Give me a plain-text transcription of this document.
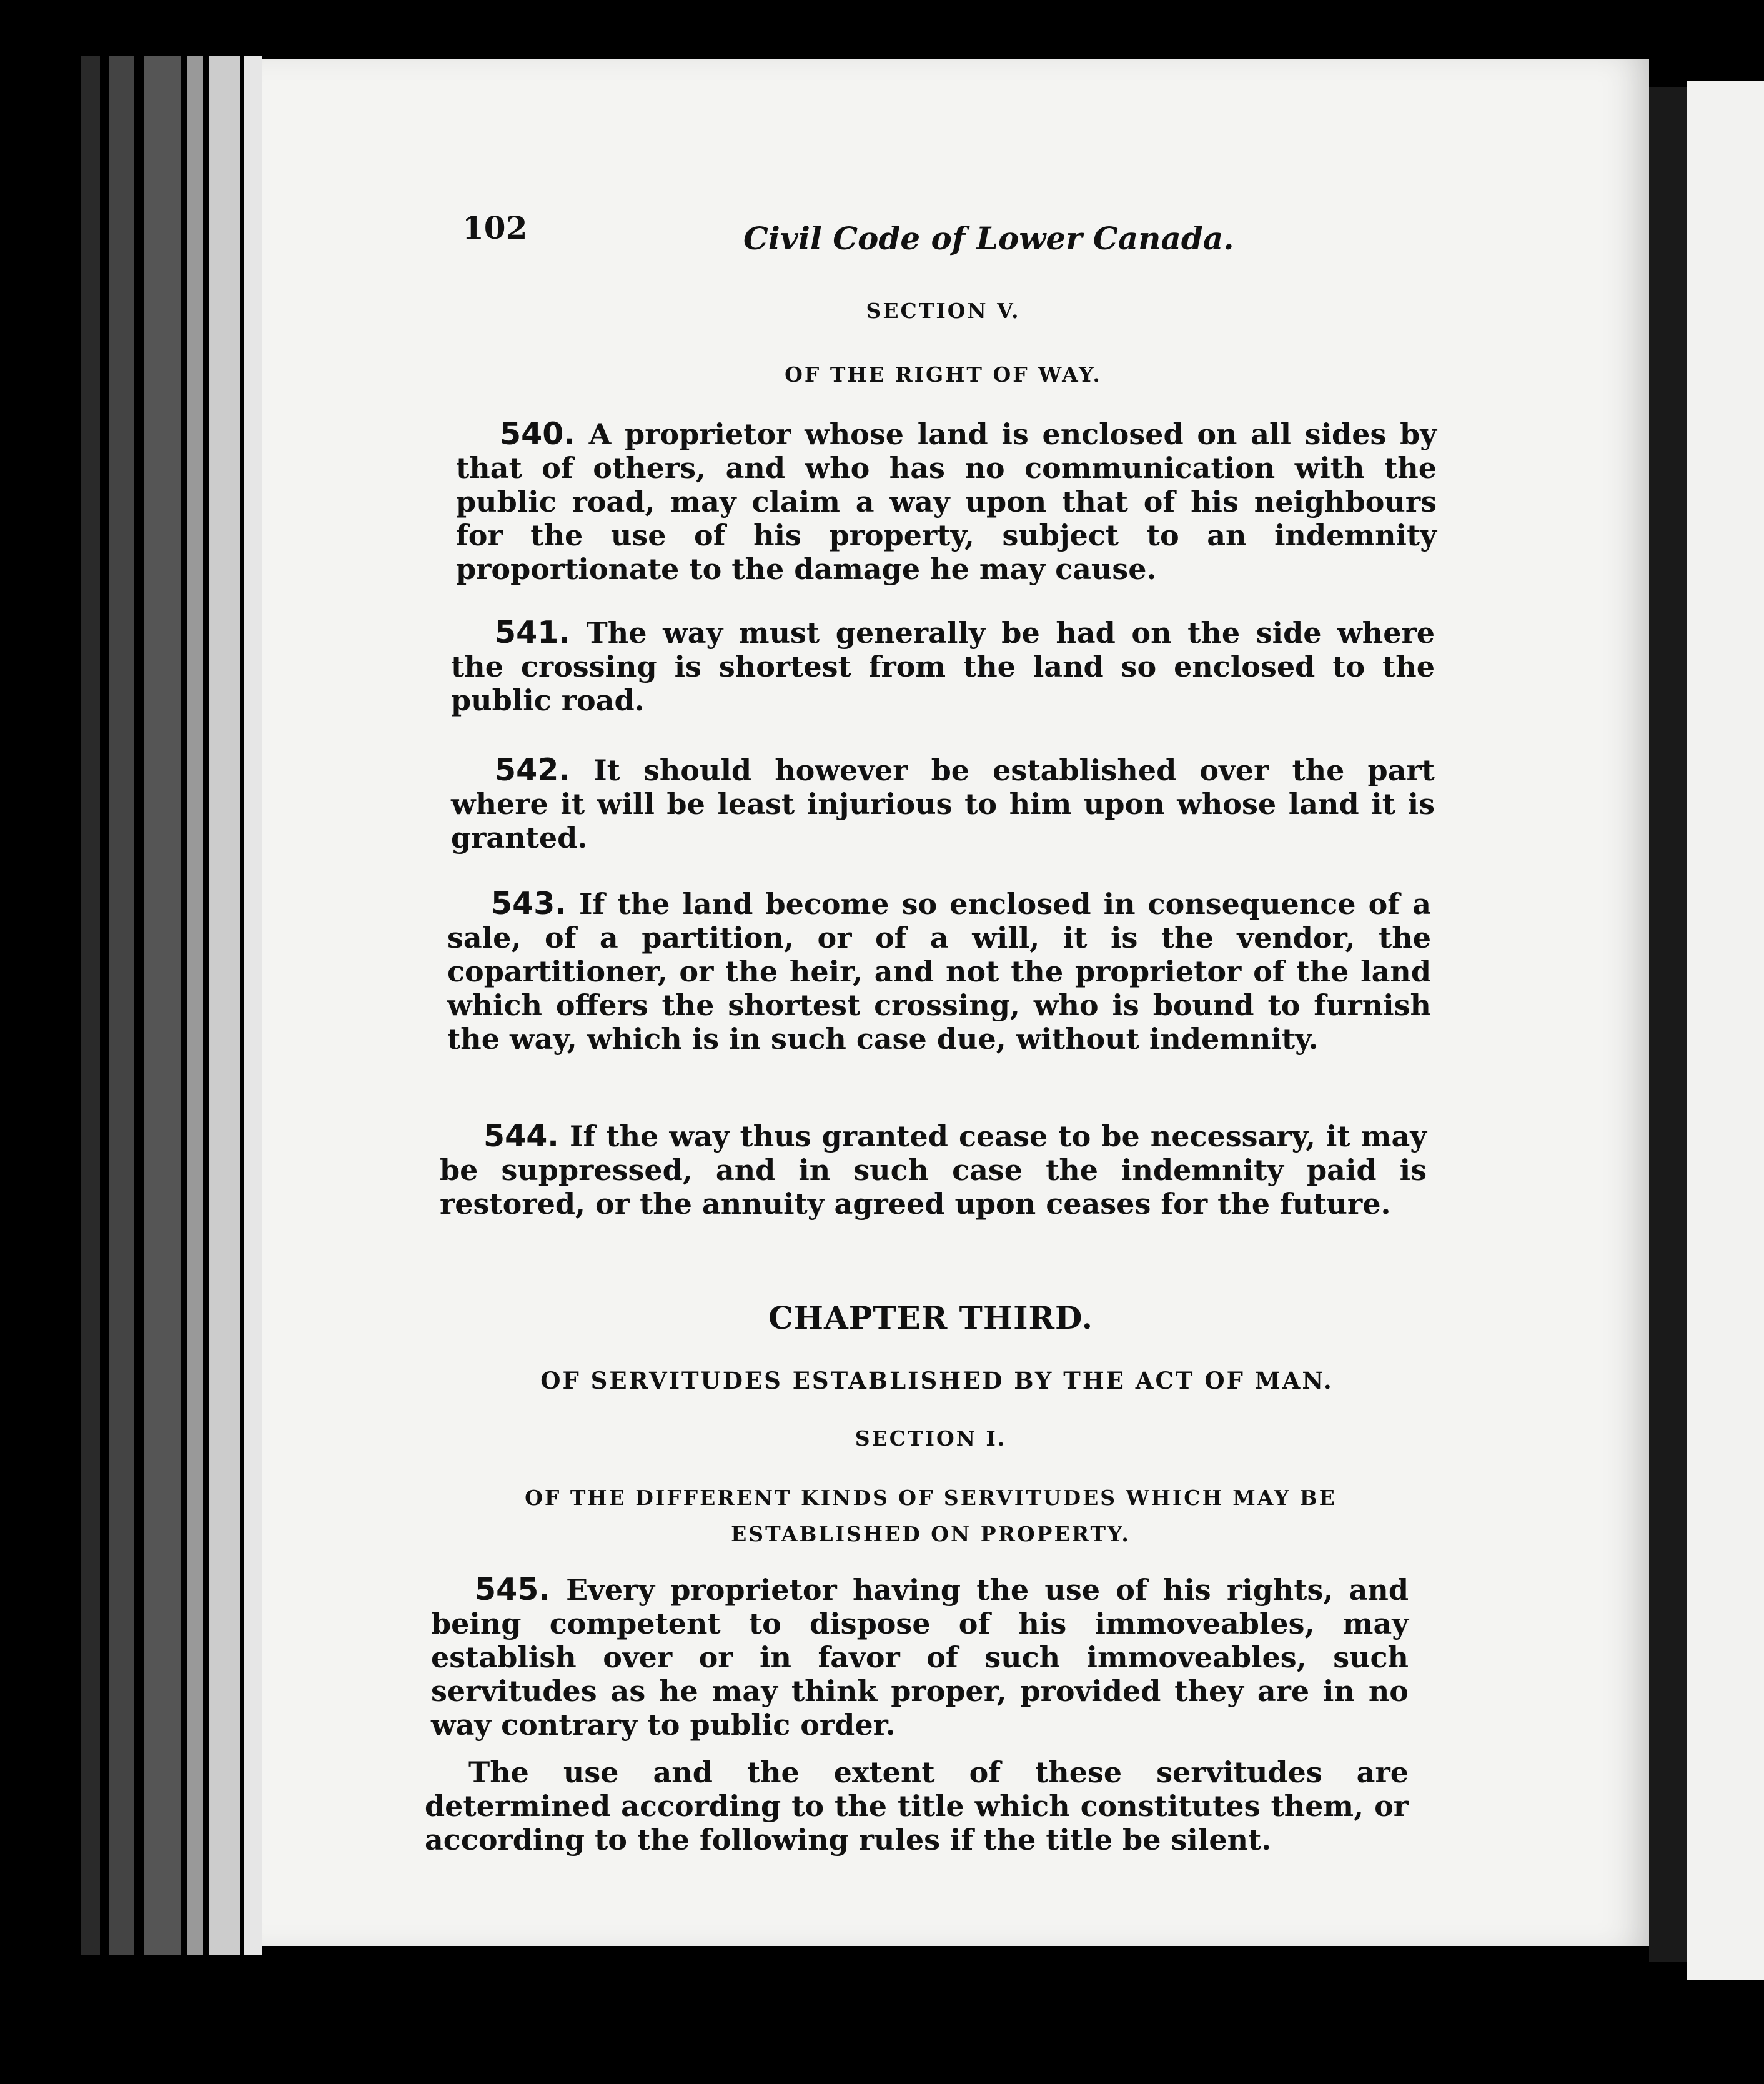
102	Civil Code of Lower Canada.
SECTION V.
OF THE RIGHT OF WAY.

540. A proprietor whose land is enclosed on all sides by that of others, and who has no communication with the public road, may claim a way upon that of his neighbours for the use of his property, subject to an indemnity proportionate to the damage he may cause.

541. The way must generally be had on the side where the crossing is shortest from the land so enclosed to the public road.

542. It should however be established over the part where it will be least injurious to him upon whose land it is granted.

543. If the land become so enclosed in consequence of a sale, of a partition, or of a will, it is the vendor, the copartitioner, or the heir, and not the proprietor of the land which offers the shortest crossing, who is bound to furnish the way, which is in such case due, without indemnity.

544. If the way thus granted cease to be necessary, it may be suppressed, and in such case the indemnity paid is restored, or the annuity agreed upon ceases for the future.

CHAPTER THIRD.
OF SERVITUDES ESTABLISHED BY THE ACT OF MAN.
SECTION I.
OF THE DIFFERENT KINDS OF SERVITUDES WHICH MAY BE
ESTABLISHED ON PROPERTY.

545. Every proprietor having the use of his rights, and being competent to dispose of his immoveables, may establish over or in favor of such immoveables, such servitudes as he may think proper, provided they are in no way contrary to public order.

The use and the extent of these servitudes are determined according to the title which constitutes them, or according to the following rules if the title be silent.
